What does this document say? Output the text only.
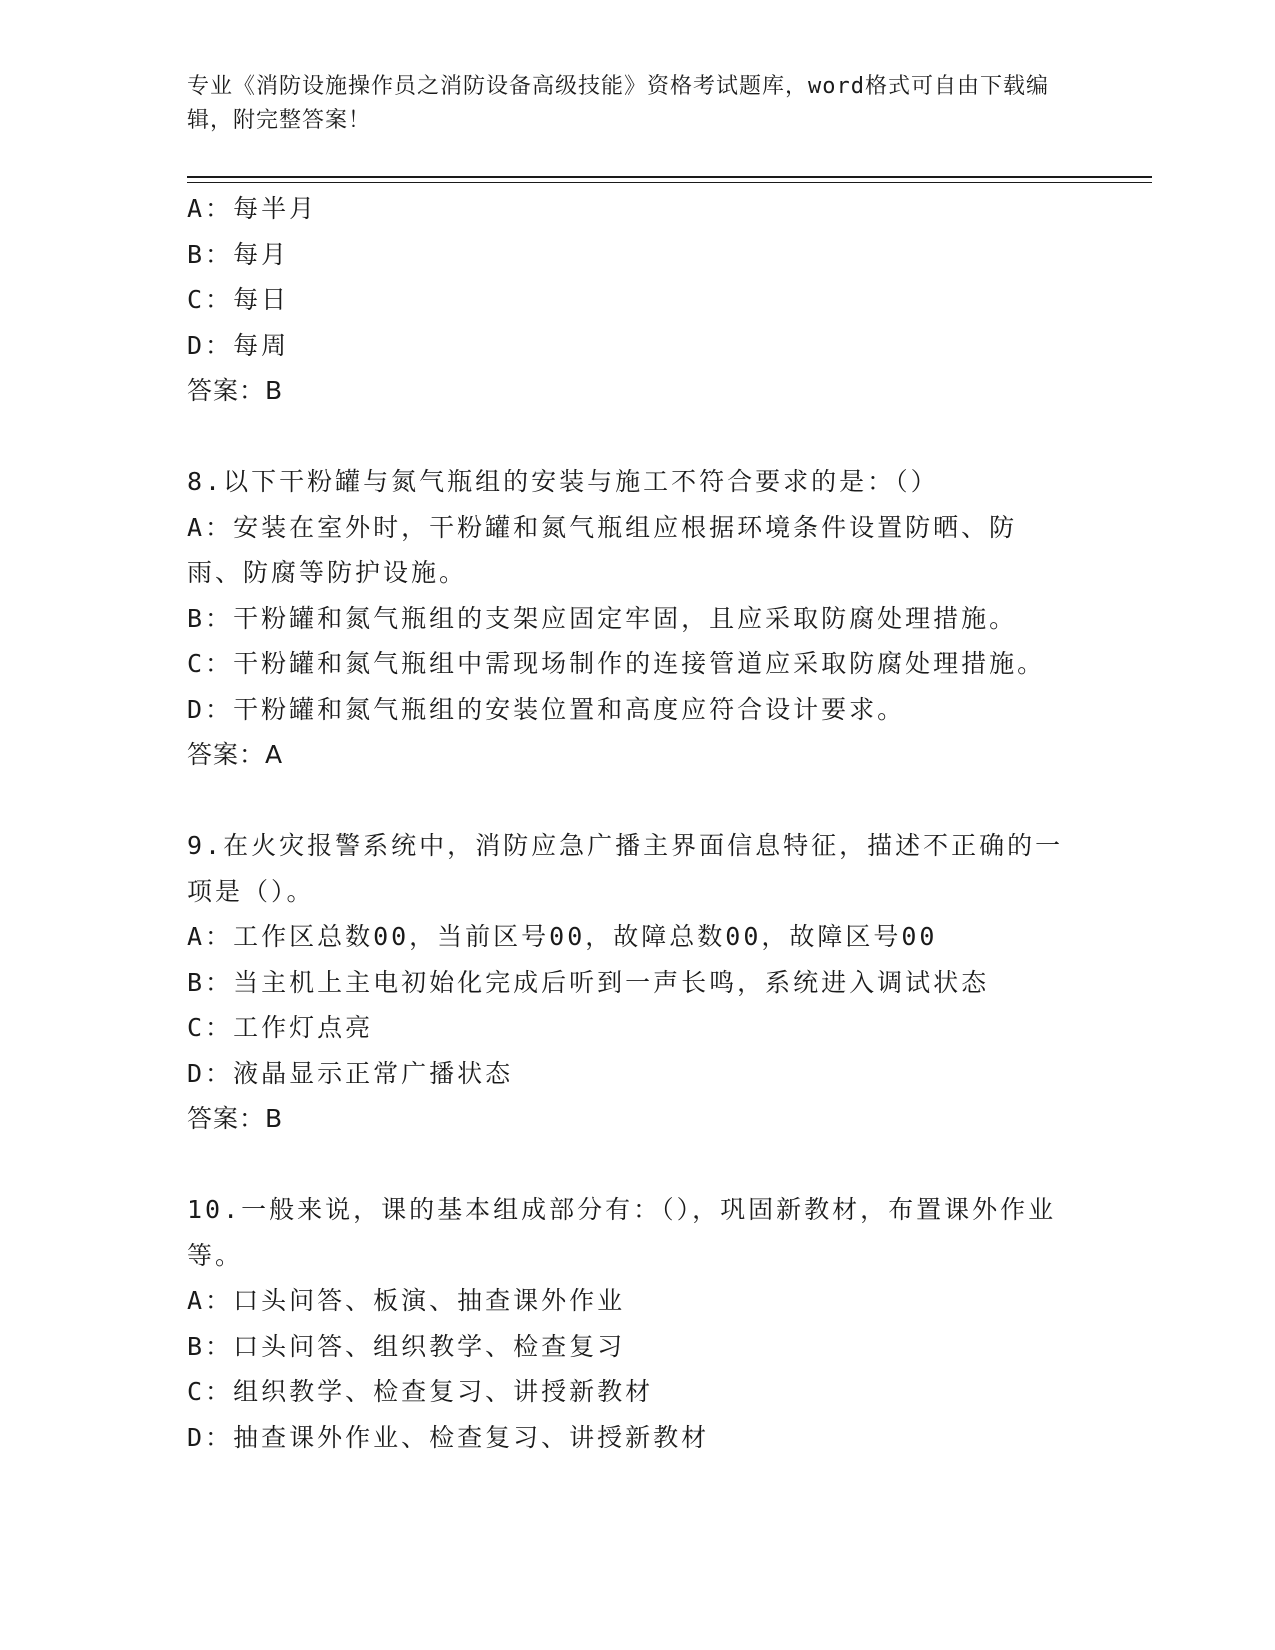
专业《消防设施操作员之消防设备高级技能》资格考试题库，word格式可自由下载编辑，附完整答案！

A：每半月

B：每月

C：每日

D：每周

答案：B

8.以下干粉罐与氮气瓶组的安装与施工不符合要求的是：（）

A：安装在室外时，干粉罐和氮气瓶组应根据环境条件设置防晒、防雨、防腐等防护设施。

B：干粉罐和氮气瓶组的支架应固定牢固，且应采取防腐处理措施。

C：干粉罐和氮气瓶组中需现场制作的连接管道应采取防腐处理措施。

D：干粉罐和氮气瓶组的安装位置和高度应符合设计要求。

答案：A

9.在火灾报警系统中，消防应急广播主界面信息特征，描述不正确的一项是（）。

A：工作区总数00，当前区号00，故障总数00，故障区号00

B：当主机上主电初始化完成后听到一声长鸣，系统进入调试状态

C：工作灯点亮

D：液晶显示正常广播状态

答案：B

10.一般来说，课的基本组成部分有：（），巩固新教材，布置课外作业等。

A：口头问答、板演、抽查课外作业

B：口头问答、组织教学、检查复习

C：组织教学、检查复习、讲授新教材

D：抽查课外作业、检查复习、讲授新教材
